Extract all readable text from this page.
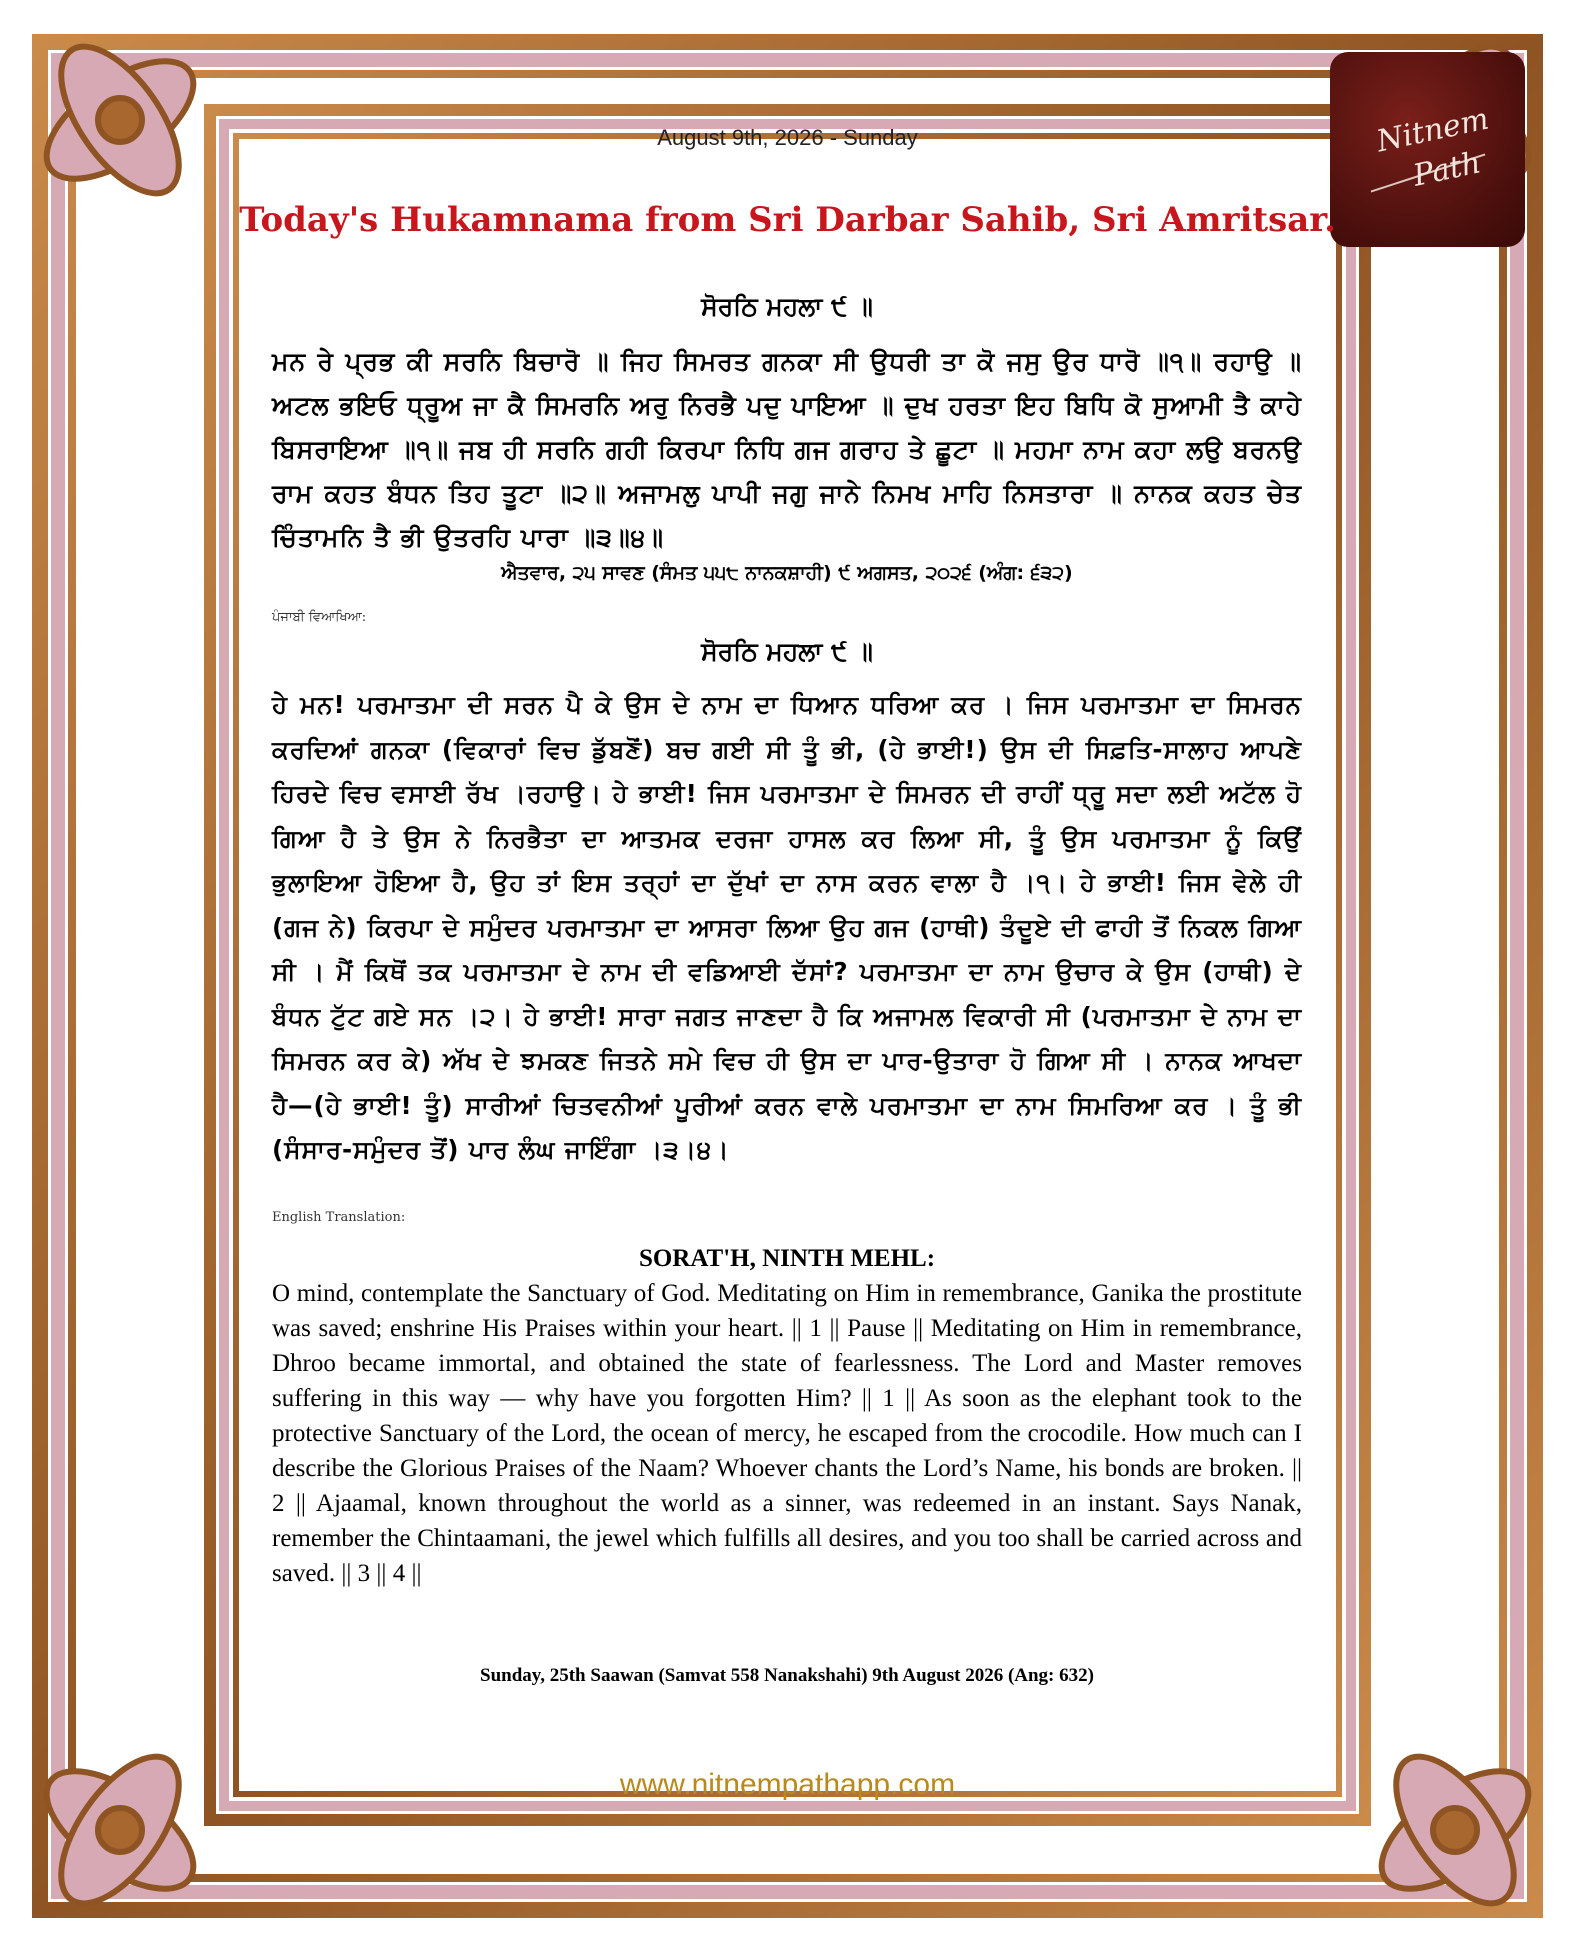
Nitnem
Path
August 9th, 2026 - Sunday
Today's Hukamnama from Sri Darbar Sahib, Sri Amritsar.
ਸੋਰਠਿ ਮਹਲਾ ੯ ॥
ਮਨ ਰੇ ਪ੍ਰਭ ਕੀ ਸਰਨਿ ਬਿਚਾਰੋ ॥ ਜਿਹ ਸਿਮਰਤ ਗਨਕਾ ਸੀ ਉਧਰੀ ਤਾ ਕੋ ਜਸੁ ਉਰ ਧਾਰੋ ॥੧॥ ਰਹਾਉ ॥ ਅਟਲ ਭਇਓ ਧ੍ਰੂਅ ਜਾ ਕੈ ਸਿਮਰਨਿ ਅਰੁ ਨਿਰਭੈ ਪਦੁ ਪਾਇਆ ॥ ਦੁਖ ਹਰਤਾ ਇਹ ਬਿਧਿ ਕੋ ਸੁਆਮੀ ਤੈ ਕਾਹੇ ਬਿਸਰਾਇਆ ॥੧॥ ਜਬ ਹੀ ਸਰਨਿ ਗਹੀ ਕਿਰਪਾ ਨਿਧਿ ਗਜ ਗਰਾਹ ਤੇ ਛੂਟਾ ॥ ਮਹਮਾ ਨਾਮ ਕਹਾ ਲਉ ਬਰਨਉ ਰਾਮ ਕਹਤ ਬੰਧਨ ਤਿਹ ਤੂਟਾ ॥੨॥ ਅਜਾਮਲੁ ਪਾਪੀ ਜਗੁ ਜਾਨੇ ਨਿਮਖ ਮਾਹਿ ਨਿਸਤਾਰਾ ॥ ਨਾਨਕ ਕਹਤ ਚੇਤ ਚਿੰਤਾਮਨਿ ਤੈ ਭੀ ਉਤਰਹਿ ਪਾਰਾ ॥੩॥੪॥
ਐਤਵਾਰ, ੨੫ ਸਾਵਣ (ਸੰਮਤ ੫੫੮ ਨਾਨਕਸ਼ਾਹੀ) ੯ ਅਗਸਤ, ੨੦੨੬ (ਅੰਗ: ੬੩੨)
ਪੰਜਾਬੀ ਵਿਆਖਿਆ:
ਸੋਰਠਿ ਮਹਲਾ ੯ ॥
ਹੇ ਮਨ! ਪਰਮਾਤਮਾ ਦੀ ਸਰਨ ਪੈ ਕੇ ਉਸ ਦੇ ਨਾਮ ਦਾ ਧਿਆਨ ਧਰਿਆ ਕਰ । ਜਿਸ ਪਰਮਾਤਮਾ ਦਾ ਸਿਮਰਨ ਕਰਦਿਆਂ ਗਨਕਾ (ਵਿਕਾਰਾਂ ਵਿਚ ਡੁੱਬਣੋਂ) ਬਚ ਗਈ ਸੀ ਤੂੰ ਭੀ, (ਹੇ ਭਾਈ!) ਉਸ ਦੀ ਸਿਫ਼ਤਿ-ਸਾਲਾਹ ਆਪਣੇ ਹਿਰਦੇ ਵਿਚ ਵਸਾਈ ਰੱਖ ।ਰਹਾਉ। ਹੇ ਭਾਈ! ਜਿਸ ਪਰਮਾਤਮਾ ਦੇ ਸਿਮਰਨ ਦੀ ਰਾਹੀਂ ਧ੍ਰੂ ਸਦਾ ਲਈ ਅਟੱਲ ਹੋ ਗਿਆ ਹੈ ਤੇ ਉਸ ਨੇ ਨਿਰਭੈਤਾ ਦਾ ਆਤਮਕ ਦਰਜਾ ਹਾਸਲ ਕਰ ਲਿਆ ਸੀ, ਤੂੰ ਉਸ ਪਰਮਾਤਮਾ ਨੂੰ ਕਿਉਂ ਭੁਲਾਇਆ ਹੋਇਆ ਹੈ, ਉਹ ਤਾਂ ਇਸ ਤਰ੍ਹਾਂ ਦਾ ਦੁੱਖਾਂ ਦਾ ਨਾਸ ਕਰਨ ਵਾਲਾ ਹੈ ।੧। ਹੇ ਭਾਈ! ਜਿਸ ਵੇਲੇ ਹੀ (ਗਜ ਨੇ) ਕਿਰਪਾ ਦੇ ਸਮੁੰਦਰ ਪਰਮਾਤਮਾ ਦਾ ਆਸਰਾ ਲਿਆ ਉਹ ਗਜ (ਹਾਥੀ) ਤੰਦੂਏ ਦੀ ਫਾਹੀ ਤੋਂ ਨਿਕਲ ਗਿਆ ਸੀ । ਮੈਂ ਕਿਥੋਂ ਤਕ ਪਰਮਾਤਮਾ ਦੇ ਨਾਮ ਦੀ ਵਡਿਆਈ ਦੱਸਾਂ? ਪਰਮਾਤਮਾ ਦਾ ਨਾਮ ਉਚਾਰ ਕੇ ਉਸ (ਹਾਥੀ) ਦੇ ਬੰਧਨ ਟੁੱਟ ਗਏ ਸਨ ।੨। ਹੇ ਭਾਈ! ਸਾਰਾ ਜਗਤ ਜਾਣਦਾ ਹੈ ਕਿ ਅਜਾਮਲ ਵਿਕਾਰੀ ਸੀ (ਪਰਮਾਤਮਾ ਦੇ ਨਾਮ ਦਾ ਸਿਮਰਨ ਕਰ ਕੇ) ਅੱਖ ਦੇ ਝਮਕਣ ਜਿਤਨੇ ਸਮੇ ਵਿਚ ਹੀ ਉਸ ਦਾ ਪਾਰ-ਉਤਾਰਾ ਹੋ ਗਿਆ ਸੀ । ਨਾਨਕ ਆਖਦਾ ਹੈ—(ਹੇ ਭਾਈ! ਤੂੰ) ਸਾਰੀਆਂ ਚਿਤਵਨੀਆਂ ਪੂਰੀਆਂ ਕਰਨ ਵਾਲੇ ਪਰਮਾਤਮਾ ਦਾ ਨਾਮ ਸਿਮਰਿਆ ਕਰ । ਤੂੰ ਭੀ (ਸੰਸਾਰ-ਸਮੁੰਦਰ ਤੋਂ) ਪਾਰ ਲੰਘ ਜਾਇੰਗਾ ।੩।੪।
English Translation:
SORAT'H, NINTH MEHL:
O mind, contemplate the Sanctuary of God. Meditating on Him in remembrance, Ganika the prostitute was saved; enshrine His Praises within your heart. || 1 || Pause || Meditating on Him in remembrance, Dhroo became immortal, and obtained the state of fearlessness. The Lord and Master removes suffering in this way — why have you forgotten Him? || 1 || As soon as the elephant took to the protective Sanctuary of the Lord, the ocean of mercy, he escaped from the crocodile. How much can I describe the Glorious Praises of the Naam? Whoever chants the Lord’s Name, his bonds are broken. || 2 || Ajaamal, known throughout the world as a sinner, was redeemed in an instant. Says Nanak, remember the Chintaamani, the jewel which fulfills all desires, and you too shall be carried across and saved. || 3 || 4 ||
Sunday, 25th Saawan (Samvat 558 Nanakshahi) 9th August 2026 (Ang: 632)
www.nitnempathapp.com
